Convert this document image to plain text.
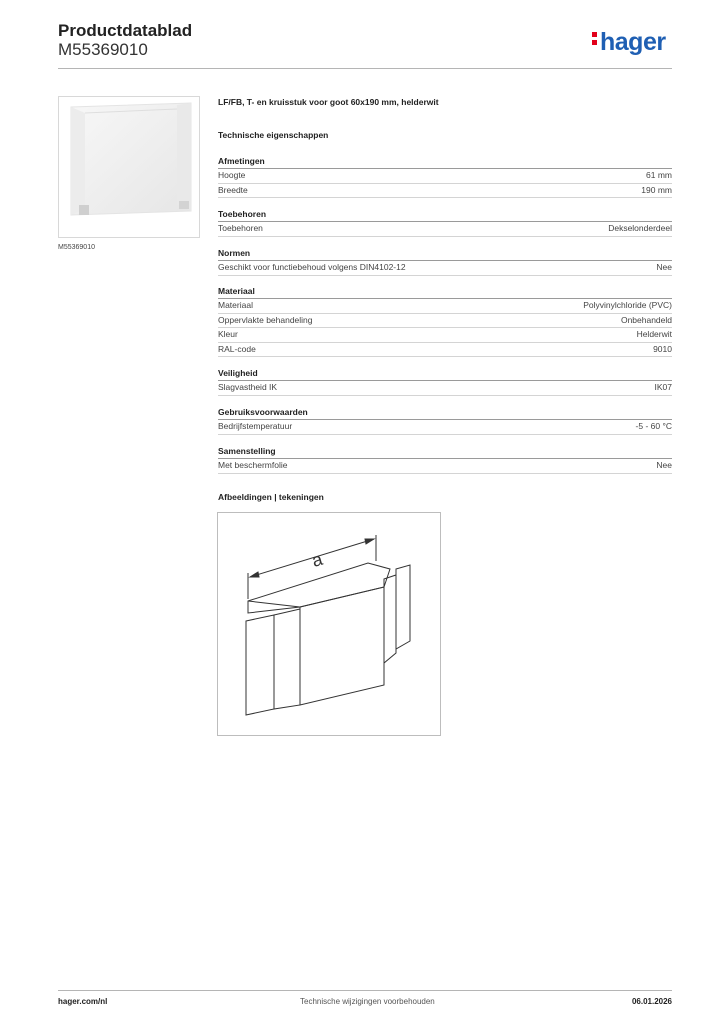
Productdatablad
M55369010	hager
M55369010
LF/FB, T- en kruisstuk voor goot 60x190 mm, helderwit
Technische eigenschappen
Afmetingen
Hoogte	61 mm
Breedte	190 mm
Toebehoren
Toebehoren	Dekselonderdeel
Normen
Geschikt voor functiebehoud volgens DIN4102-12	Nee
Materiaal
Materiaal	Polyvinylchloride (PVC)
Oppervlakte behandeling	Onbehandeld
Kleur	Helderwit
RAL-code	9010
Veiligheid
Slagvastheid IK	IK07
Gebruiksvoorwaarden
Bedrijfstemperatuur	-5 - 60 °C
Samenstelling
Met beschermfolie	Nee
Afbeeldingen | tekeningen
a
hager.com/nl	Technische wijzigingen voorbehouden	06.01.2026
